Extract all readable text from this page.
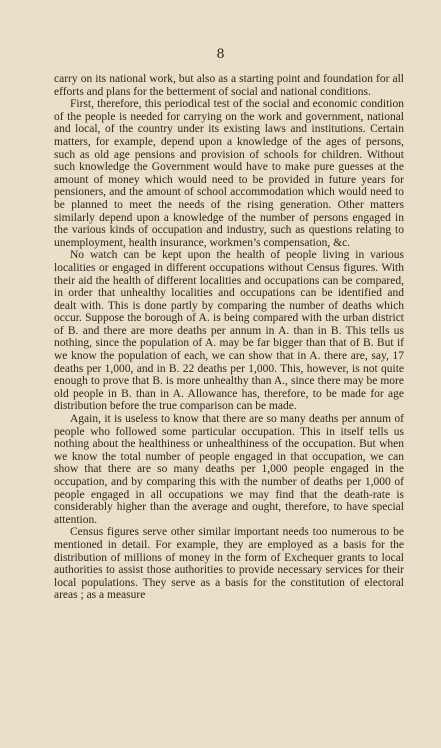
8

carry on its national work, but also as a starting point and foundation for all efforts and plans for the betterment of social and national conditions.

First, therefore, this periodical test of the social and economic condition of the people is needed for carrying on the work and government, national and local, of the country under its existing laws and institutions. Certain matters, for example, depend upon a knowledge of the ages of persons, such as old age pensions and provision of schools for children. Without such knowledge the Government would have to make pure guesses at the amount of money which would need to be provided in future years for pensioners, and the amount of school accommodation which would need to be planned to meet the needs of the rising generation. Other matters similarly depend upon a knowledge of the number of persons engaged in the various kinds of occupation and industry, such as questions relating to unemployment, health insurance, workmen’s compensation, &c.

No watch can be kept upon the health of people living in various localities or engaged in different occupations without Census figures. With their aid the health of different localities and occupations can be compared, in order that unhealthy localities and occupations can be identified and dealt with. This is done partly by comparing the number of deaths which occur. Suppose the borough of A. is being compared with the urban district of B. and there are more deaths per annum in A. than in B. This tells us nothing, since the population of A. may be far bigger than that of B. But if we know the population of each, we can show that in A. there are, say, 17 deaths per 1,000, and in B. 22 deaths per 1,000. This, however, is not quite enough to prove that B. is more unhealthy than A., since there may be more old people in B. than in A. Allowance has, therefore, to be made for age distribution before the true comparison can be made.

Again, it is useless to know that there are so many deaths per annum of people who followed some particular occupation. This in itself tells us nothing about the healthiness or unhealthiness of the occupation. But when we know the total number of people engaged in that occupation, we can show that there are so many deaths per 1,000 people engaged in the occupation, and by comparing this with the number of deaths per 1,000 of people engaged in all occupations we may find that the death-rate is considerably higher than the average and ought, therefore, to have special attention.

Census figures serve other similar important needs too numerous to be mentioned in detail. For example, they are employed as a basis for the distribution of millions of money in the form of Exchequer grants to local authorities to assist those authorities to provide necessary services for their local populations. They serve as a basis for the constitution of electoral areas ; as a measure
